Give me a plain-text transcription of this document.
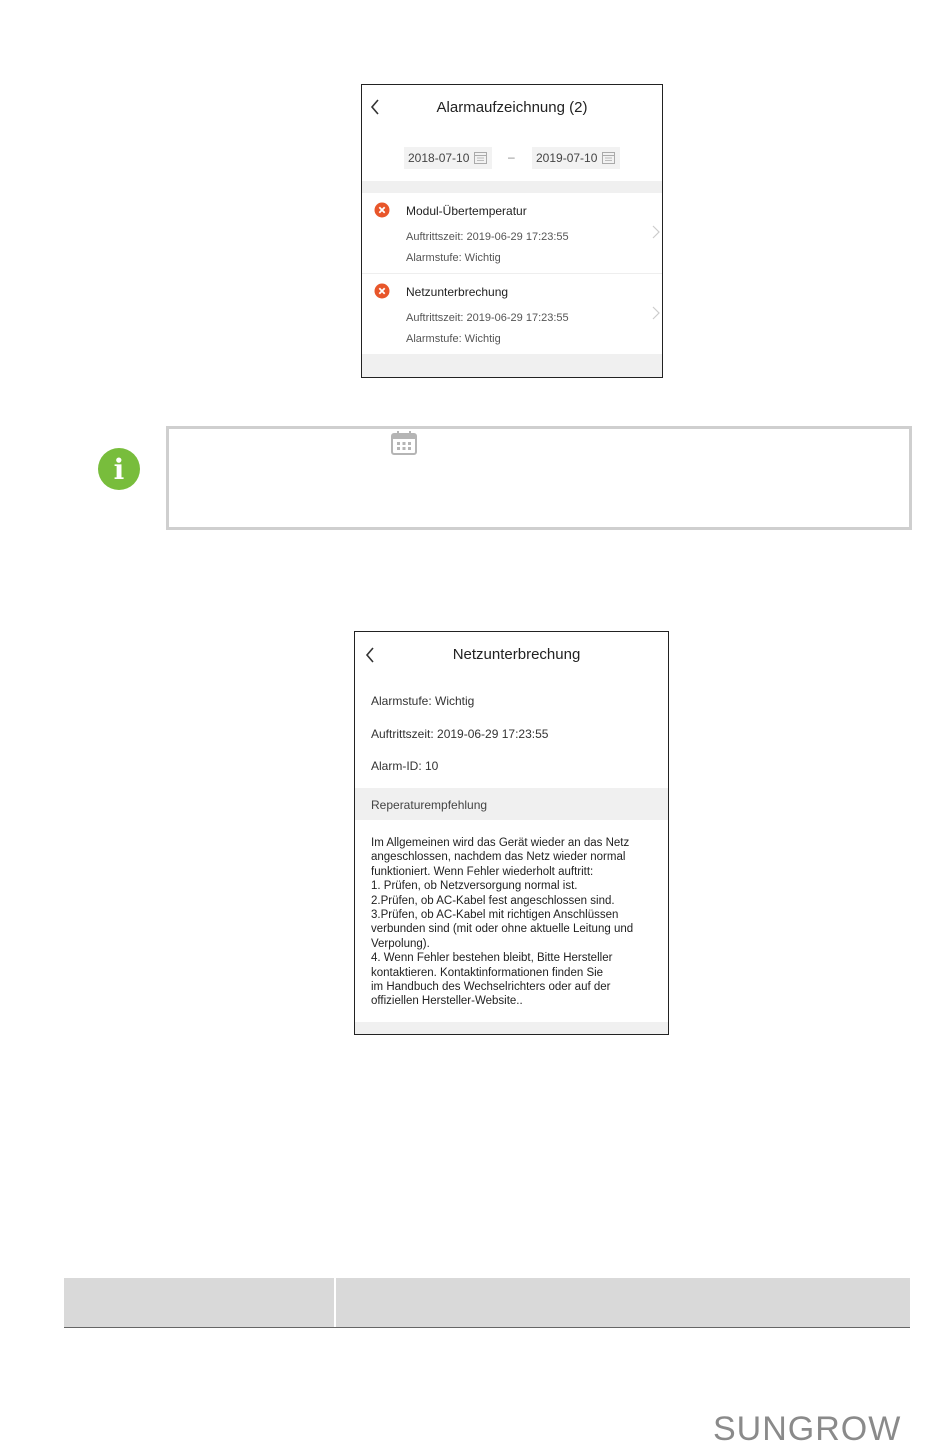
Alarmaufzeichnung (2)
2018-07-10	–	2019-07-10
Modul-Übertemperatur
Auftrittszeit: 2019-06-29 17:23:55
Alarmstufe: Wichtig
Netzunterbrechung
Auftrittszeit: 2019-06-29 17:23:55
Alarmstufe: Wichtig
i
Netzunterbrechung
Alarmstufe: Wichtig
Auftrittszeit: 2019-06-29 17:23:55
Alarm-ID: 10
Reperaturempfehlung
Im Allgemeinen wird das Gerät wieder an das Netz
angeschlossen, nachdem das Netz wieder normal
funktioniert. Wenn Fehler wiederholt auftritt:
1. Prüfen, ob Netzversorgung normal ist.
2.Prüfen, ob AC-Kabel fest angeschlossen sind.
3.Prüfen, ob AC-Kabel mit richtigen Anschlüssen
verbunden sind (mit oder ohne aktuelle Leitung und
Verpolung).
4. Wenn Fehler bestehen bleibt, Bitte Hersteller
kontaktieren. Kontaktinformationen finden Sie
im Handbuch des Wechselrichters oder auf der
offiziellen Hersteller-Website..
SUNGROW
